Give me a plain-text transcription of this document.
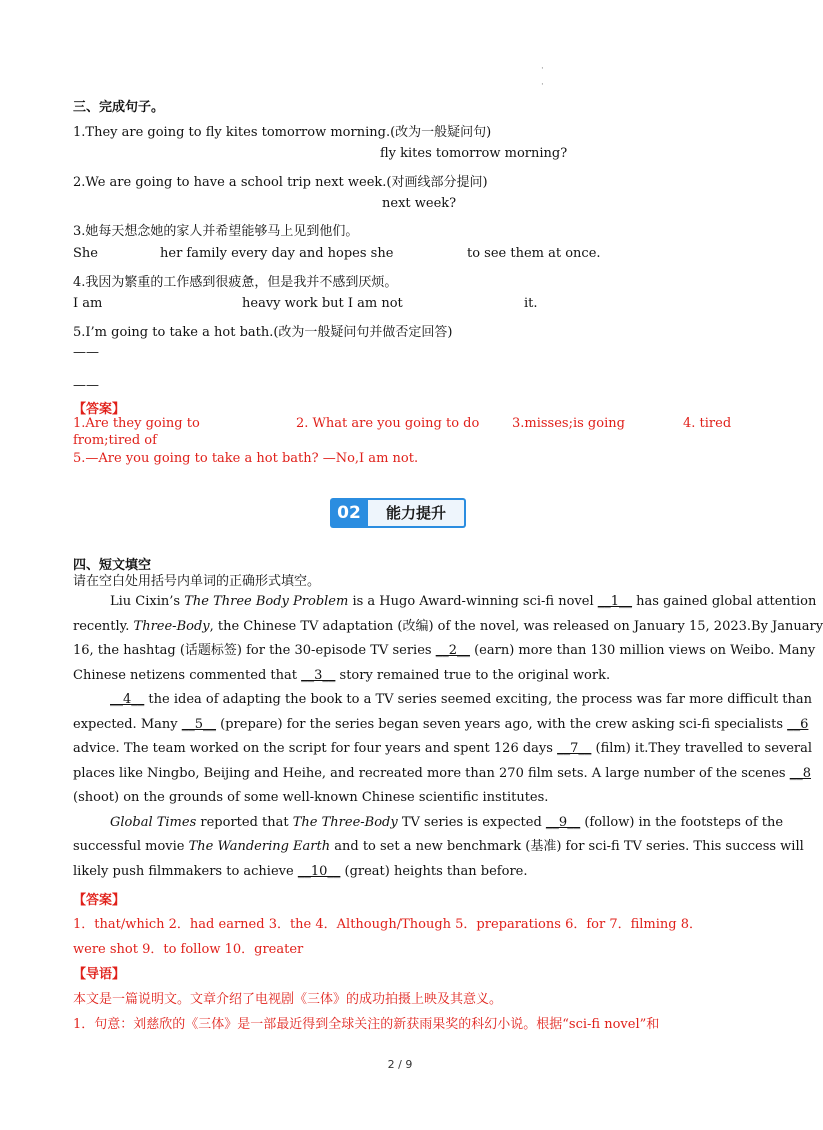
·
·
三、完成句子。
1.They are going to fly kites tomorrow morning.(改为一般疑问句)
fly kites tomorrow morning?
2.We are going to have a school trip next week.(对画线部分提问)
next week?
3.她每天想念她的家人并希望能够马上见到他们。
She	her family every day and hopes she	to see them at once.
4.我因为繁重的工作感到很疲惫，但是我并不感到厌烦。
I am	heavy work but I am not	it.
5.I’m going to take a hot bath.(改为一般疑问句并做否定回答)
——
——
【答案】
1.Are they going to	2. What are you going to do	3.misses;is going	4. tired
from;tired of
5.—Are you going to take a hot bath? —No,I am not.
02	能力提升
四、短文填空
请在空白处用括号内单词的正确形式填空。
Liu Cixin’s The Three Body Problem is a Hugo Award-winning sci-fi novel __1__ has gained global attention
recently. Three-Body, the Chinese TV adaptation (改编) of the novel, was released on January 15, 2023.By January
16, the hashtag (话题标签) for the 30-episode TV series __2__ (earn) more than 130 million views on Weibo. Many
Chinese netizens commented that __3__ story remained true to the original work.
__4__ the idea of adapting the book to a TV series seemed exciting, the process was far more difficult than
expected. Many __5__ (prepare) for the series began seven years ago, with the crew asking sci-fi specialists __6
advice. The team worked on the script for four years and spent 126 days __7__ (film) it.They travelled to several
places like Ningbo, Beijing and Heihe, and recreated more than 270 film sets. A large number of the scenes __8
(shoot) on the grounds of some well-known Chinese scientific institutes.
Global Times reported that The Three-Body TV series is expected __9__ (follow) in the footsteps of the
successful movie The Wandering Earth and to set a new benchmark (基准) for sci-fi TV series. This success will
likely push filmmakers to achieve __10__ (great) heights than before.
【答案】
1．that/which 2．had earned 3．the 4．Although/Though 5．preparations 6．for 7．filming 8．
were shot 9．to follow 10．greater
【导语】
本文是一篇说明文。文章介绍了电视剧《三体》的成功拍摄上映及其意义。
1．句意：刘慈欣的《三体》是一部最近得到全球关注的新获雨果奖的科幻小说。根据“sci-fi novel”和
2 / 9
